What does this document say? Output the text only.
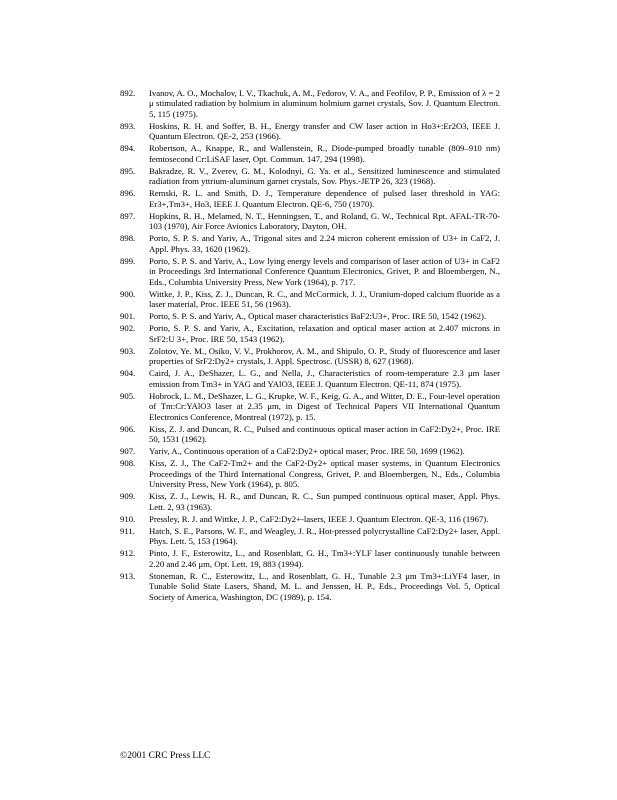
892.	Ivanov, A. O., Mochalov, I. V., Tkachuk, A. M., Fedorov, V. A., and Feofilov, P. P., Emission of λ = 2 μ stimulated radiation by holmium in aluminum holmium garnet crystals, Sov. J. Quantum Electron. 5, 115 (1975).
893.	Hoskins, R. H. and Soffer, B. H., Energy transfer and CW laser action in Ho3+:Er2O3, IEEE J. Quantum Electron. QE-2, 253 (1966).
894.	Robertson, A., Knappe, R., and Wallenstein, R., Diode-pumped broadly tunable (809–910 nm) femtosecond Cr:LiSAF laser, Opt. Commun. 147, 294 (1998).
895.	Bakradze, R. V., Zverev, G. M., Kolodnyi, G. Ya. et al., Sensitized luminescence and stimulated radiation from yttrium-aluminum garnet crystals, Sov. Phys.-JETP 26, 323 (1968).
896.	Remski, R. L. and Smith, D. J., Temperature dependence of pulsed laser threshold in YAG: Er3+,Tm3+, Ho3, IEEE J. Quantum Electron. QE-6, 750 (1970).
897.	Hopkins, R. H., Melamed, N. T., Henningsen, T., and Roland, G. W., Technical Rpt. AFAL-TR-70-103 (1970), Air Force Avionics Laboratory, Dayton, OH.
898.	Porto, S. P. S. and Yariv, A., Trigonal sites and 2.24 micron coherent emission of U3+ in CaF2, J. Appl. Phys. 33, 1620 (1962).
899.	Porto, S. P. S. and Yariv, A., Low lying energy levels and comparison of laser action of U3+ in CaF2 in Proceedings 3rd International Conference Quantum Electronics, Grivet, P. and Bloembergen, N., Eds., Columbia University Press, New York (1964), p. 717.
900.	Wittke, J. P., Kiss, Z. J., Duncan, R. C., and McCormick, J. J., Uranium-doped calcium fluoride as a laser material, Proc. IEEE 51, 56 (1963).
901.	Porto, S. P. S. and Yariv, A., Optical maser characteristics BaF2:U3+, Proc. IRE 50, 1542 (1962).
902.	Porto, S. P. S. and Yariv, A., Excitation, relaxation and optical maser action at 2.407 microns in SrF2:U 3+, Proc. IRE 50, 1543 (1962).
903.	Zolotov, Ye. M., Osiko, V. V., Prokhorov, A. M., and Shipulo, O. P., Study of fluorescence and laser properties of SrF2:Dy2+ crystals, J. Appl. Spectrosc. (USSR) 8, 627 (1968).
904.	Caird, J. A., DeShazer, L. G., and Nella, J., Characteristics of room-temperature 2.3 μm laser emission from Tm3+ in YAG and YAlO3, IEEE J. Quantum Electron. QE-11, 874 (1975).
905.	Hobrock, L. M., DeShazer, L. G., Krupke, W. F., Keig, G. A., and Witter, D. E., Four-level operation of Tm:Cr:YAlO3 laser at 2.35 μm, in Digest of Technical Papers VII International Quantum Electronics Conference, Montreal (1972), p. 15.
906.	Kiss, Z. J. and Duncan, R. C., Pulsed and continuous optical maser action in CaF2:Dy2+, Proc. IRE 50, 1531 (1962).
907.	Yariv, A., Continuous operation of a CaF2:Dy2+ optical maser, Proc. IRE 50, 1699 (1962).
908.	Kiss, Z. J., The CaF2-Tm2+ and the CaF2-Dy2+ optical maser systems, in Quantum Electronics Proceedings of the Third International Congress, Grivet, P. and Bloembergen, N., Eds., Columbia University Press, New York (1964), p. 805.
909.	Kiss, Z. J., Lewis, H. R., and Duncan, R. C., Sun pumped continuous optical maser, Appl. Phys. Lett. 2, 93 (1963).
910.	Pressley, R. J. and Wittke, J. P., CaF2:Dy2+-lasers, IEEE J. Quantum Electron. QE-3, 116 (1967).
911.	Hatch, S. E., Parsons, W. F., and Weagley, J. R., Hot-pressed polycrystalline CaF2:Dy2+ laser, Appl. Phys. Lett. 5, 153 (1964).
912.	Pinto, J. F., Esterowitz, L., and Rosenblatt, G. H., Tm3+:YLF laser continuously tunable between 2.20 and 2.46 μm, Opt. Lett. 19, 883 (1994).
913.	Stoneman, R. C., Esterowitz, L., and Rosenblatt, G. H., Tunable 2.3 μm Tm3+:LiYF4 laser, in Tunable Solid State Lasers, Shand, M. L. and Jenssen, H. P., Eds., Proceedings Vol. 5, Optical Society of America, Washington, DC (1989), p. 154.
©2001 CRC Press LLC
